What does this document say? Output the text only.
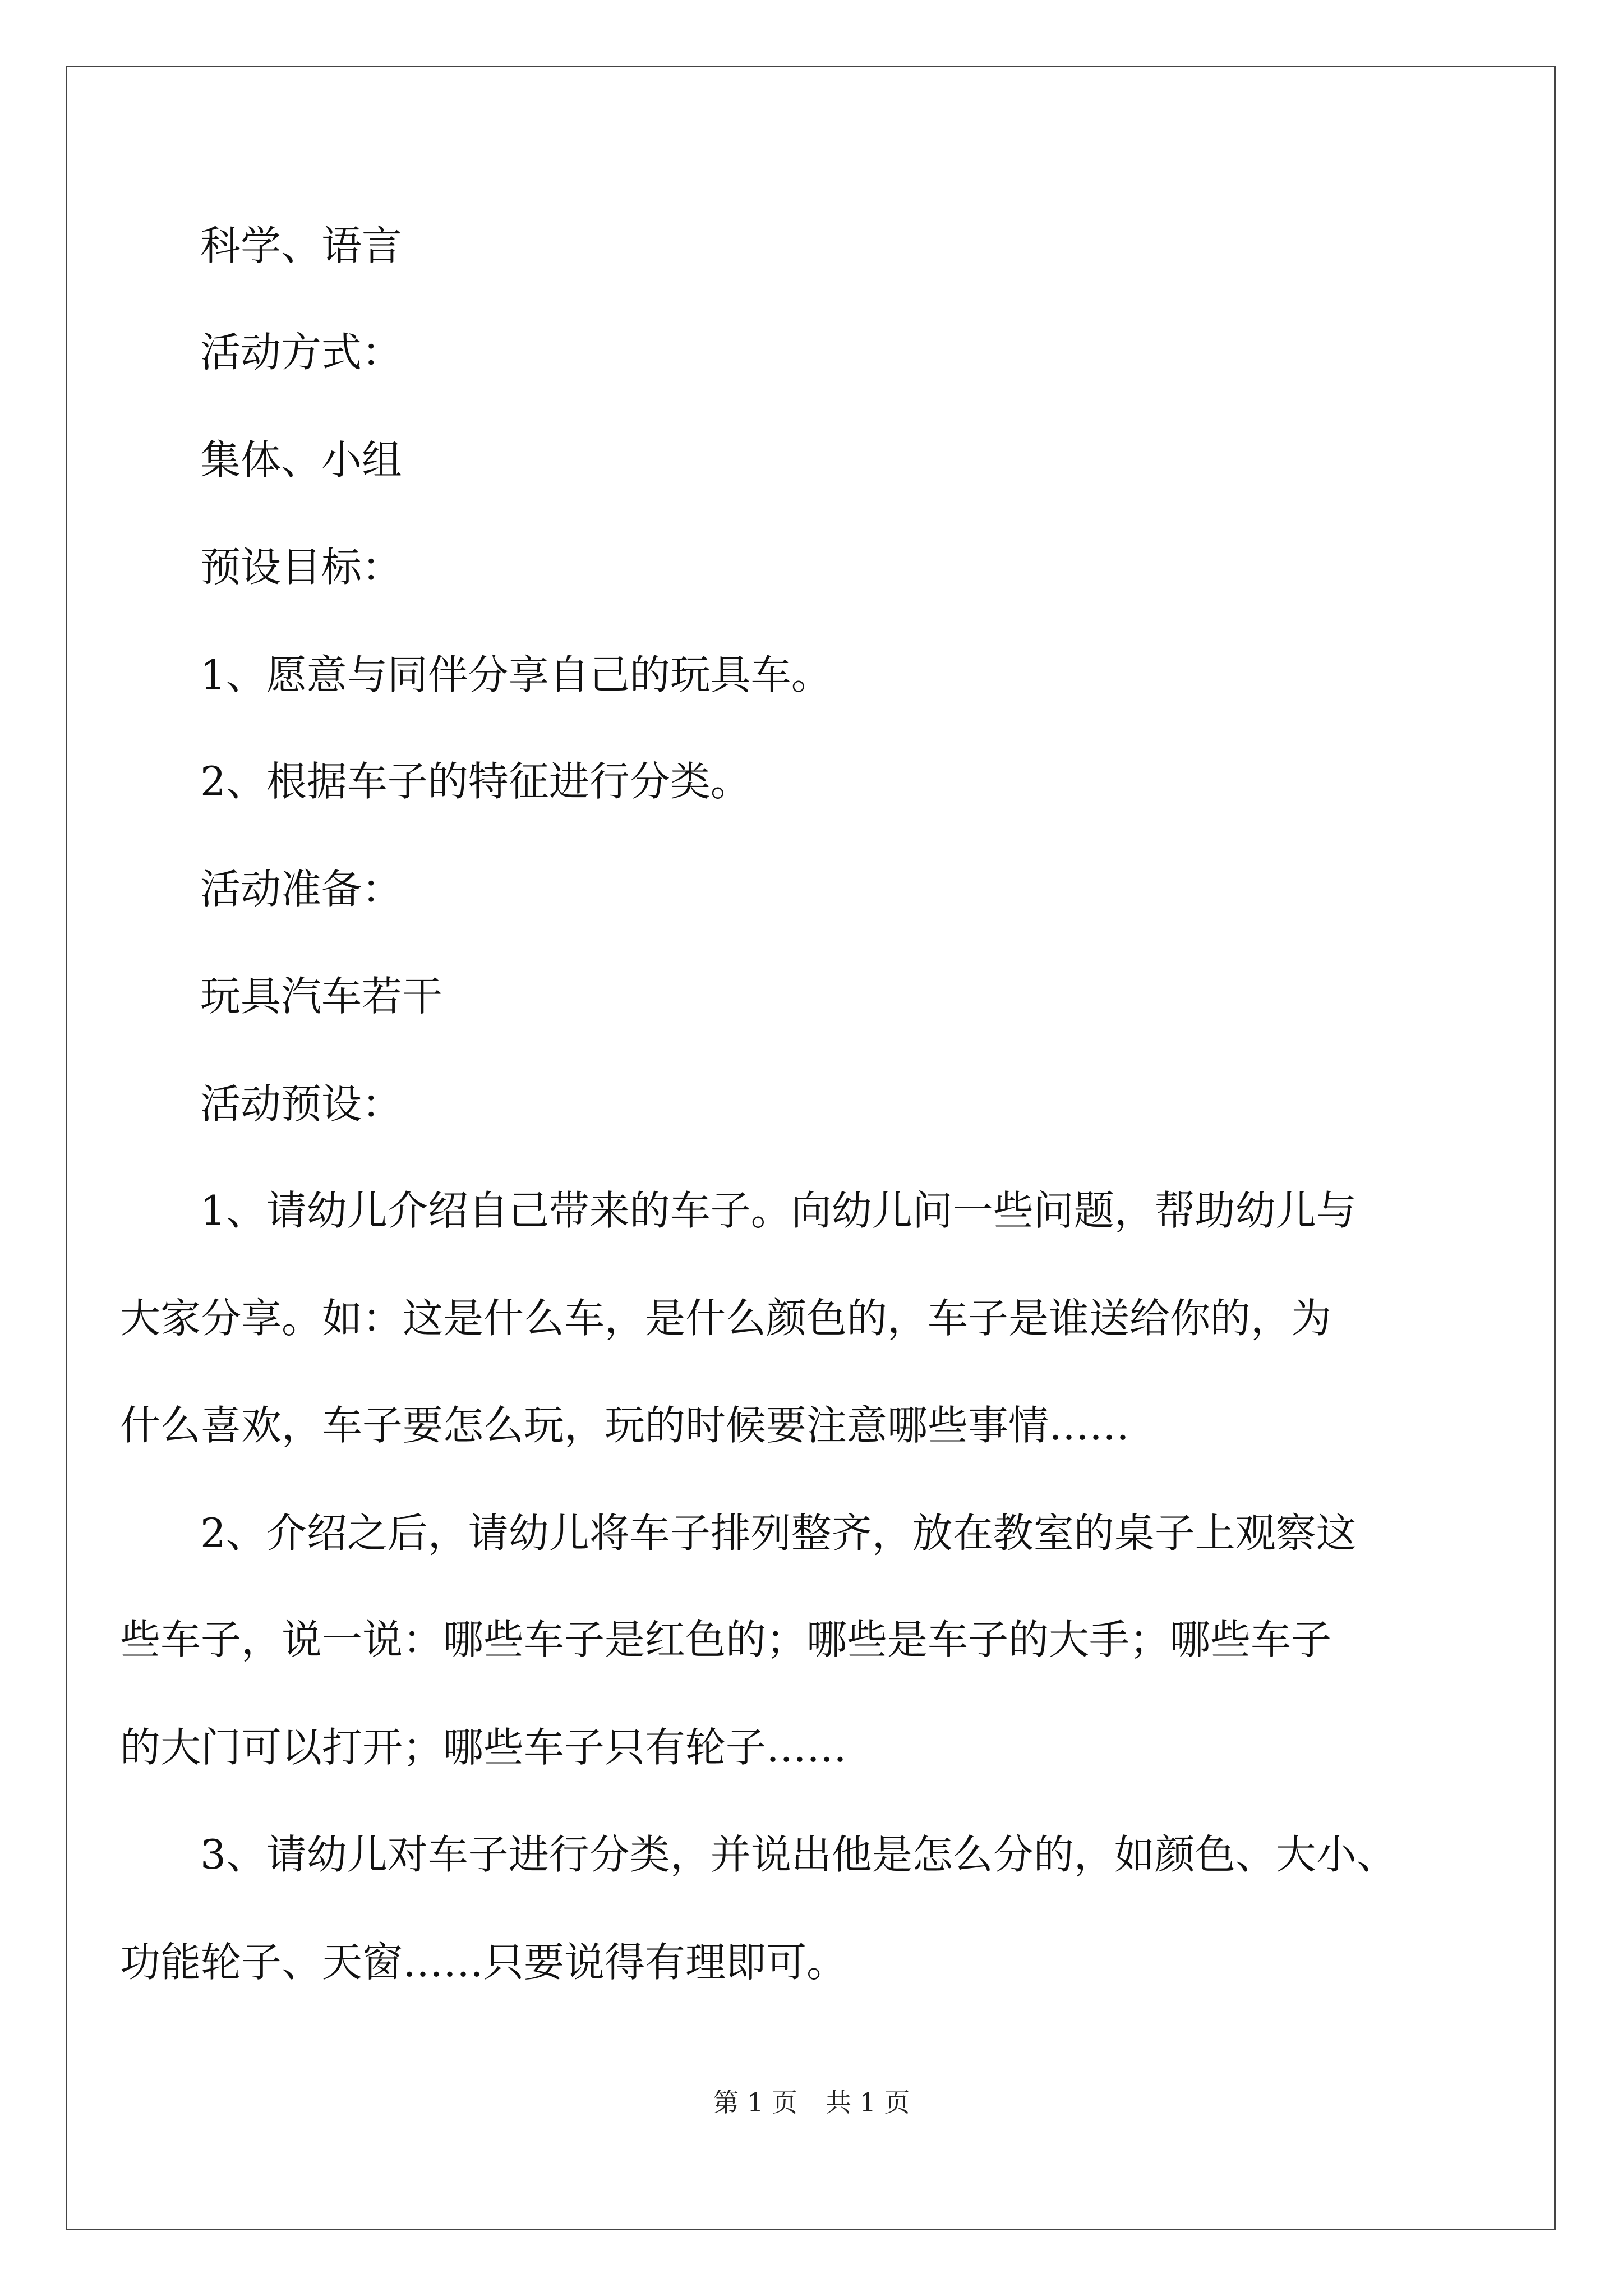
科学、语言
活动方式：
集体、小组
预设目标：
1、愿意与同伴分享自己的玩具车。
2、根据车子的特征进行分类。
活动准备：
玩具汽车若干
活动预设：
1、请幼儿介绍自己带来的车子。向幼儿问一些问题，帮助幼儿与
大家分享。如：这是什么车，是什么颜色的，车子是谁送给你的，为
什么喜欢，车子要怎么玩，玩的时候要注意哪些事情……
2、介绍之后，请幼儿将车子排列整齐，放在教室的桌子上观察这
些车子，说一说：哪些车子是红色的；哪些是车子的大手；哪些车子
的大门可以打开；哪些车子只有轮子……
3、请幼儿对车子进行分类，并说出他是怎么分的，如颜色、大小、
功能轮子、天窗……只要说得有理即可。
第 1 页 共 1 页
